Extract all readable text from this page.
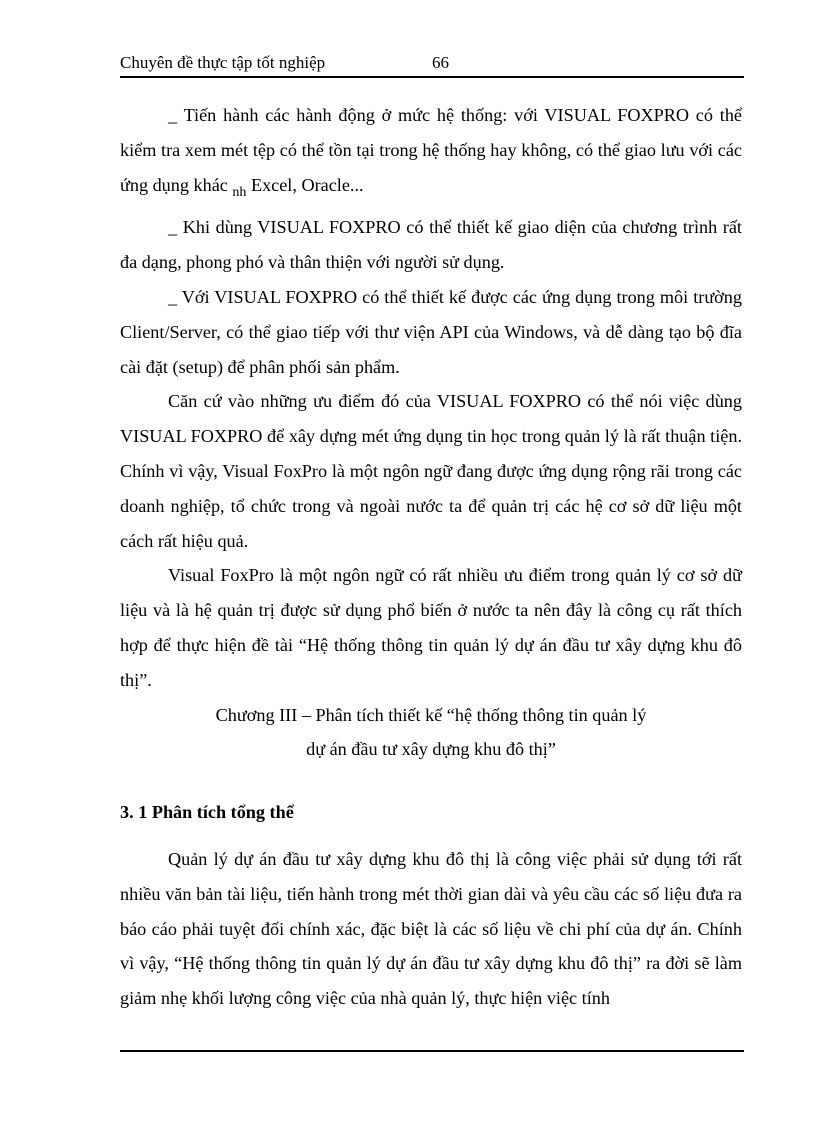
Chuyên đề thực tập tốt nghiệp	66

_ Tiến hành các hành động ở mức hệ thống: với VISUAL FOXPRO có thể kiểm tra xem mét tệp có thể tồn tại trong hệ thống hay không, có thể giao lưu với các ứng dụng khác $_{nh}$ Excel, Oracle...

_ Khi dùng VISUAL FOXPRO có thể thiết kế giao diện của chương trình rất đa dạng, phong phó và thân thiện với người sử dụng.

_ Với VISUAL FOXPRO có thể thiết kế được các ứng dụng trong môi trường Client/Server, có thể giao tiếp với thư viện API của Windows, và dễ dàng tạo bộ đĩa cài đặt (setup) để phân phối sản phẩm.

Căn cứ vào những ưu điểm đó của VISUAL FOXPRO có thể nói việc dùng VISUAL FOXPRO để xây dựng mét ứng dụng tin học trong quản lý là rất thuận tiện. Chính vì vậy, Visual FoxPro là một ngôn ngữ đang được ứng dụng rộng rãi trong các doanh nghiệp, tổ chức trong và ngoài nước ta để quản trị các hệ cơ sở dữ liệu một cách rất hiệu quả.

Visual FoxPro là một ngôn ngữ có rất nhiều ưu điểm trong quản lý cơ sở dữ liệu và là hệ quản trị được sử dụng phổ biến ở nước ta nên đây là công cụ rất thích hợp để thực hiện đề tài “Hệ thống thông tin quản lý dự án đầu tư xây dựng khu đô thị”.

Chương III – Phân tích thiết kế “hệ thống thông tin quản lý

dự án đầu tư xây dựng khu đô thị”

3. 1 Phân tích tổng thể

Quản lý dự án đầu tư xây dựng khu đô thị là công việc phải sử dụng tới rất nhiều văn bản tài liệu, tiến hành trong mét thời gian dài và yêu cầu các số liệu đưa ra báo cáo phải tuyệt đối chính xác, đặc biệt là các số liệu về chi phí của dự án. Chính vì vậy, “Hệ thống thông tin quản lý dự án đầu tư xây dựng khu đô thị” ra đời sẽ làm giảm nhẹ khối lượng công việc của nhà quản lý, thực hiện việc tính
